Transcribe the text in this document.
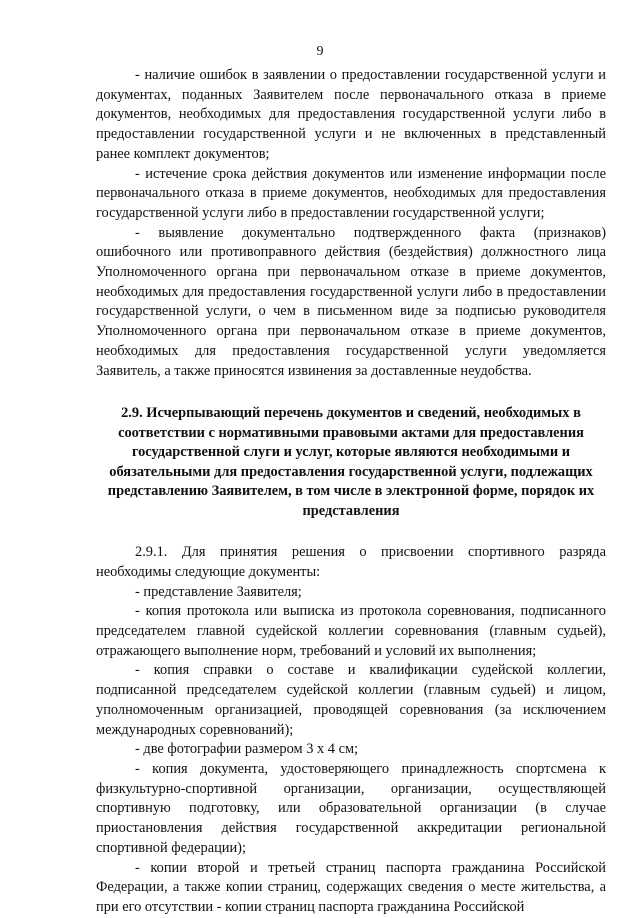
9

- наличие ошибок в заявлении о предоставлении государственной услуги и документах, поданных Заявителем после первоначального отказа в приеме документов, необходимых для предоставления государственной услуги либо в предоставлении государственной услуги и не включенных в представленный ранее комплект документов;

- истечение срока действия документов или изменение информации после первоначального отказа в приеме документов, необходимых для предоставления государственной услуги либо в предоставлении государственной услуги;

- выявление документально подтвержденного факта (признаков) ошибочного или противоправного действия (бездействия) должностного лица Уполномоченного органа при первоначальном отказе в приеме документов, необходимых для предоставления государственной услуги либо в предоставлении государственной услуги, о чем в письменном виде за подписью руководителя Уполномоченного органа при первоначальном отказе в приеме документов, необходимых для предоставления государственной услуги уведомляется Заявитель, а также приносятся извинения за доставленные неудобства.

2.9. Исчерпывающий перечень документов и сведений, необходимых в соответствии с нормативными правовыми актами для предоставления государственной слуги и услуг, которые являются необходимыми и обязательными для предоставления государственной услуги, подлежащих представлению Заявителем, в том числе в электронной форме, порядок их представления

2.9.1. Для принятия решения о присвоении спортивного разряда необходимы следующие документы:

- представление Заявителя;

- копия протокола или выписка из протокола соревнования, подписанного председателем главной судейской коллегии соревнования (главным судьей), отражающего выполнение норм, требований и условий их выполнения;

- копия справки о составе и квалификации судейской коллегии, подписанной председателем судейской коллегии (главным судьей) и лицом, уполномоченным организацией, проводящей соревнования (за исключением международных соревнований);

- две фотографии размером 3 х 4 см;

- копия документа, удостоверяющего принадлежность спортсмена к физкультурно-спортивной организации, организации, осуществляющей спортивную подготовку, или образовательной организации (в случае приостановления действия государственной аккредитации региональной спортивной федерации);

- копии второй и третьей страниц паспорта гражданина Российской Федерации, а также копии страниц, содержащих сведения о месте жительства, а при его отсутствии - копии страниц паспорта гражданина Российской
